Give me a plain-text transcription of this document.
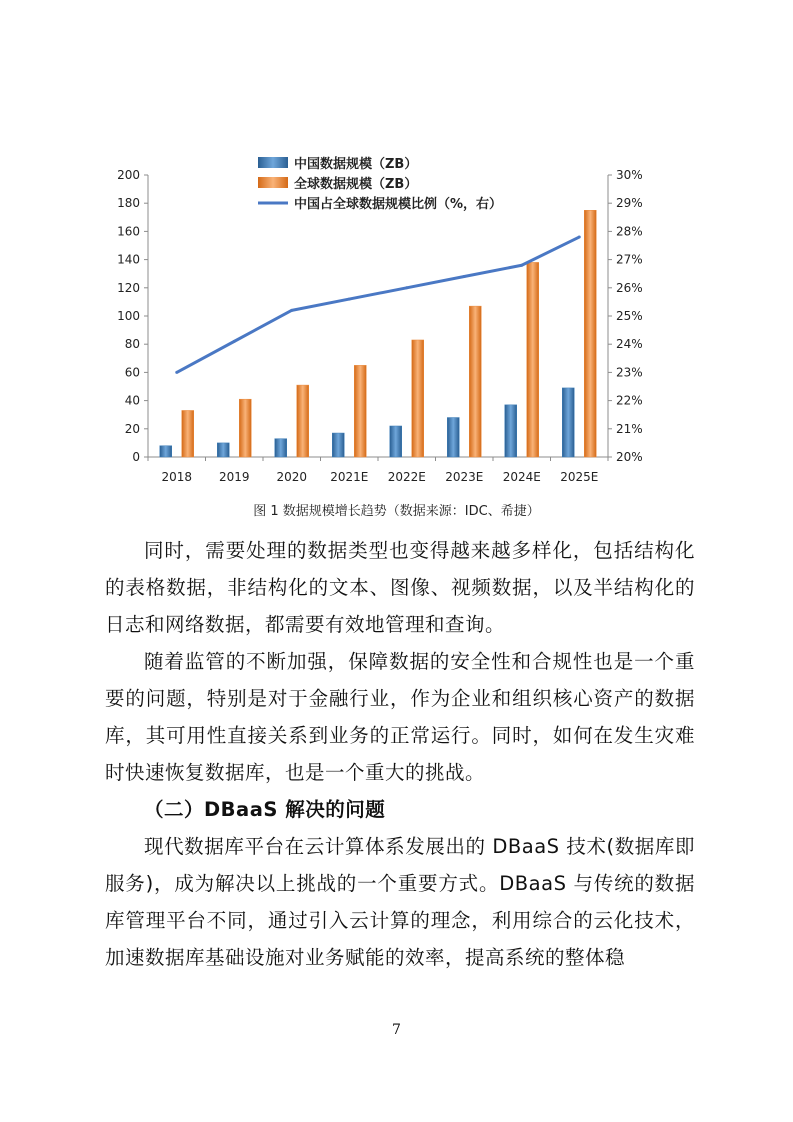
0
20
40
60
80
100
120
140
160
180
200
20%
21%
22%
23%
24%
25%
26%
27%
28%
29%
30%
2018 2019 2020 2021E 2022E 2023E 2024E 2025E
中国数据规模（ZB）
全球数据规模（ZB）
中国占全球数据规模比例（%，右）
图 1 数据规模增长趋势（数据来源：IDC、希捷）

同时，需要处理的数据类型也变得越来越多样化，包括结构化的表格数据，非结构化的文本、图像、视频数据，以及半结构化的日志和网络数据，都需要有效地管理和查询。

随着监管的不断加强，保障数据的安全性和合规性也是一个重要的问题，特别是对于金融行业，作为企业和组织核心资产的数据库，其可用性直接关系到业务的正常运行。同时，如何在发生灾难时快速恢复数据库，也是一个重大的挑战。

（二）DBaaS 解决的问题

现代数据库平台在云计算体系发展出的 DBaaS 技术(数据库即服务)，成为解决以上挑战的一个重要方式。DBaaS 与传统的数据库管理平台不同，通过引入云计算的理念，利用综合的云化技术，加速数据库基础设施对业务赋能的效率，提高系统的整体稳

7
